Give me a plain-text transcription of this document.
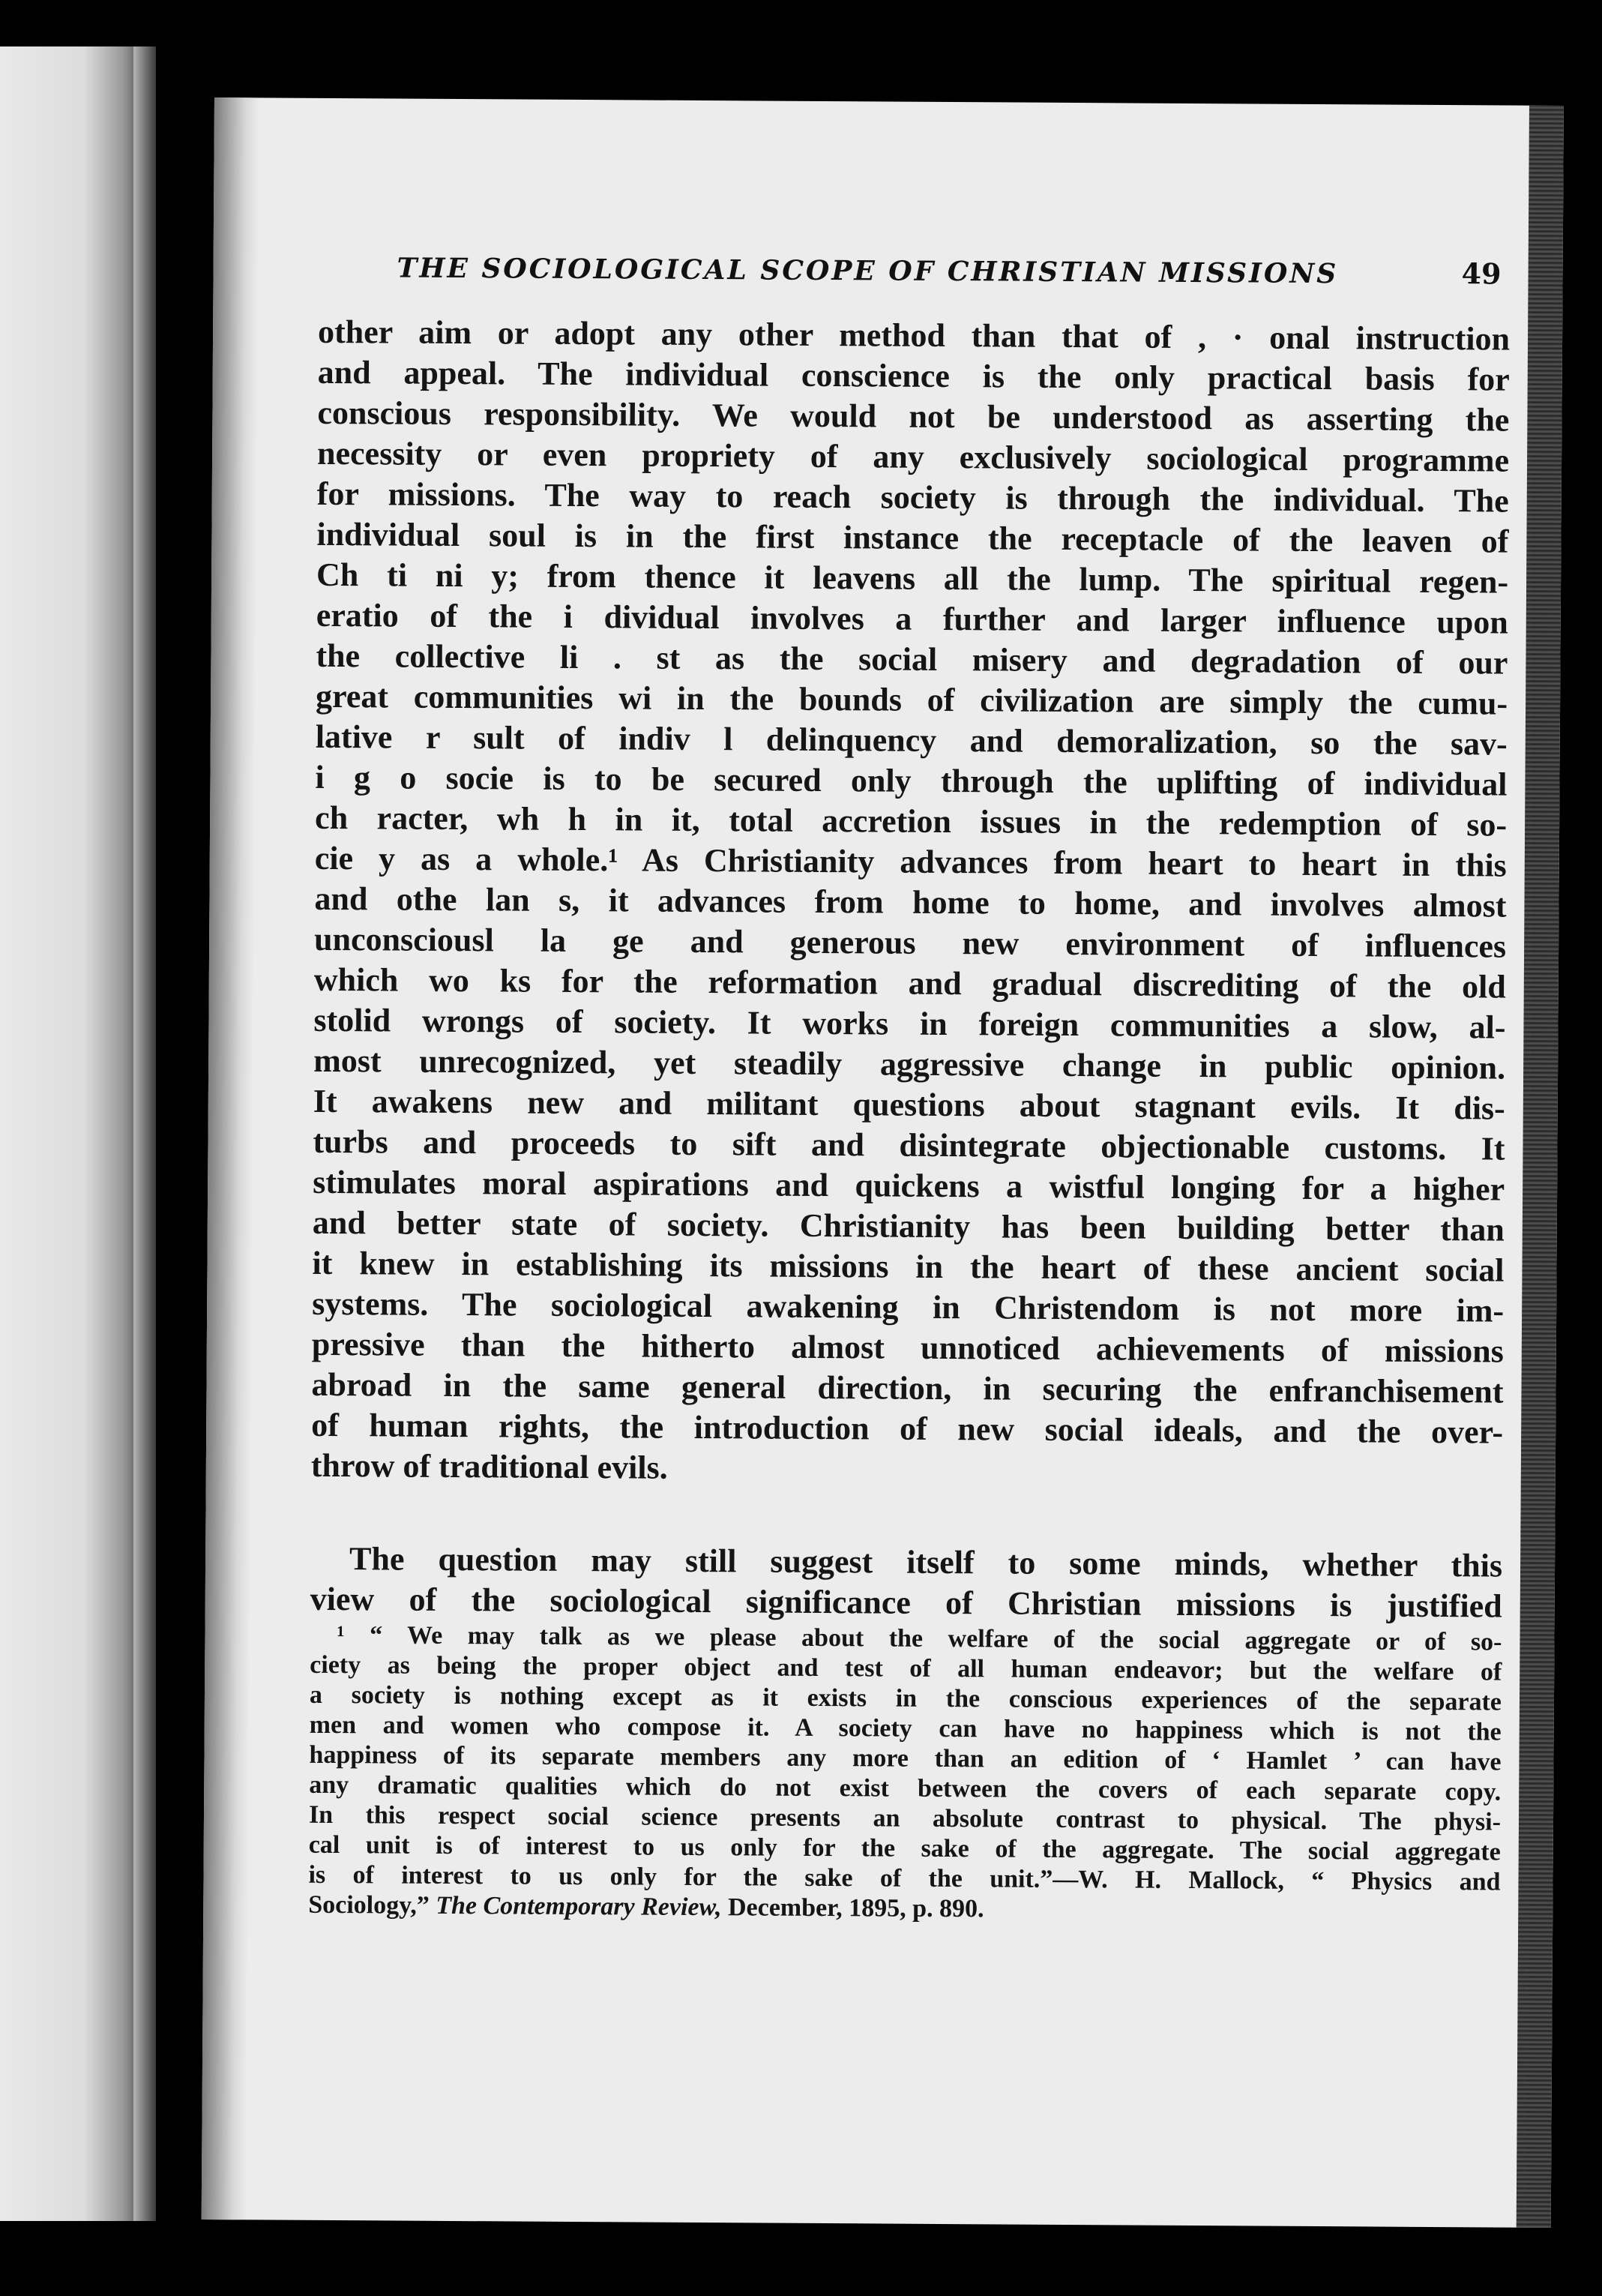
THE SOCIOLOGICAL SCOPE OF CHRISTIAN MISSIONS	49
other aim or adopt any other method than that of , · onal instruction
and appeal. The individual conscience is the only practical basis for
conscious responsibility. We would not be understood as asserting the
necessity or even propriety of any exclusively sociological programme
for missions. The way to reach society is through the individual. The
individual soul is in the first instance the receptacle of the leaven of
Ch ti ni y; from thence it leavens all the lump. The spiritual regen-
eratio of the i dividual involves a further and larger influence upon
the collective li . st as the social misery and degradation of our
great communities wi in the bounds of civilization are simply the cumu-
lative r sult of indiv l delinquency and demoralization, so the sav-
i g o socie is to be secured only through the uplifting of individual
ch racter, wh h in it, total accretion issues in the redemption of so-
cie y as a whole.¹ As Christianity advances from heart to heart in this
and othe lan s, it advances from home to home, and involves almost
unconsciousl la ge and generous new environment of influences
which wo ks for the reformation and gradual discrediting of the old
stolid wrongs of society. It works in foreign communities a slow, al-
most unrecognized, yet steadily aggressive change in public opinion.
It awakens new and militant questions about stagnant evils. It dis-
turbs and proceeds to sift and disintegrate objectionable customs. It
stimulates moral aspirations and quickens a wistful longing for a higher
and better state of society. Christianity has been building better than
it knew in establishing its missions in the heart of these ancient social
systems. The sociological awakening in Christendom is not more im-
pressive than the hitherto almost unnoticed achievements of missions
abroad in the same general direction, in securing the enfranchisement
of human rights, the introduction of new social ideals, and the over-
throw of traditional evils.
The question may still suggest itself to some minds, whether this
view of the sociological significance of Christian missions is justified
¹ “ We may talk as we please about the welfare of the social aggregate or of so-
ciety as being the proper object and test of all human endeavor; but the welfare of
a society is nothing except as it exists in the conscious experiences of the separate
men and women who compose it. A society can have no happiness which is not the
happiness of its separate members any more than an edition of ‘ Hamlet ’ can have
any dramatic qualities which do not exist between the covers of each separate copy.
In this respect social science presents an absolute contrast to physical. The physi-
cal unit is of interest to us only for the sake of the aggregate. The social aggregate
is of interest to us only for the sake of the unit.”—W. H. Mallock, “ Physics and
Sociology,” The Contemporary Review, December, 1895, p. 890.
